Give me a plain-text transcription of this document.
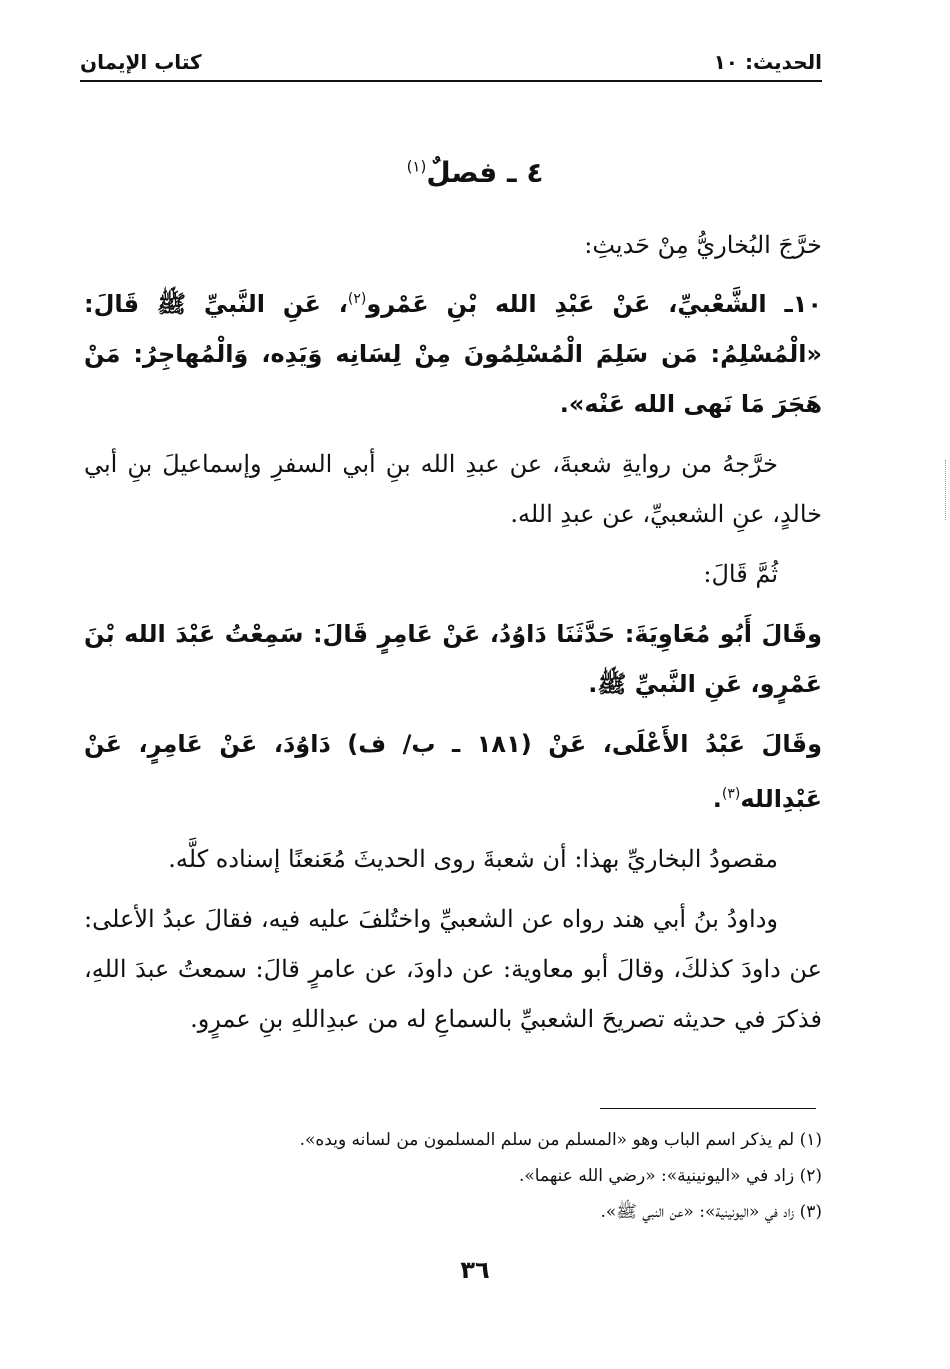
الحديث: ١٠
كتاب الإيمان
٤ ـ فصلٌ$^{(١)}$

خرَّجَ البُخاريُّ مِنْ حَديثِ:

١٠ـ الشَّعْبيِّ، عَنْ عَبْدِ الله بْنِ عَمْرو$^{(٢)}$، عَنِ النَّبيِّ ﷺ قَالَ: «الْمُسْلِمُ: مَن سَلِمَ الْمُسْلِمُونَ مِنْ لِسَانِه وَيَدِه، وَالْمُهاجِرُ: مَنْ هَجَرَ مَا نَهى الله عَنْه».

خرَّجهُ من روايةِ شعبةَ، عن عبدِ الله بنِ أبي السفرِ وإسماعيلَ بنِ أبي خالدٍ، عنِ الشعبيِّ، عن عبدِ الله.

ثُمَّ قَالَ:

وقَالَ أَبُو مُعَاوِيَةَ: حَدَّثَنَا دَاوُدُ، عَنْ عَامِرٍ قَالَ: سَمِعْتُ عَبْدَ الله بْنَ عَمْرٍو، عَنِ النَّبيِّ ﷺ.

وقَالَ عَبْدُ الأَعْلَى، عَنْ (١٨١ ـ ب/ ف) دَاوُدَ، عَنْ عَامِرٍ، عَنْ عَبْدِالله$^{(٣)}$.

مقصودُ البخاريِّ بهذا: أن شعبةَ روى الحديثَ مُعَنعنًا إسناده كلَّه.

وداودُ بنُ أبي هند رواه عن الشعبيِّ واختُلفَ عليه فيه، فقالَ عبدُ الأعلى: عن داودَ كذلكَ، وقالَ أبو معاوية: عن داودَ، عن عامرٍ قالَ: سمعتُ عبدَ اللهِ، فذكرَ في حديثه تصريحَ الشعبيِّ بالسماعِ له من عبدِاللهِ بنِ عمرٍو.

(١) لم يذكر اسم الباب وهو «المسلم من سلم المسلمون من لسانه ويده».

(٢) زاد في «اليونينية»: «رضي الله عنهما».

(٣) زاد في «اليونينية»: «عن النبي ﷺ».

٣٦
